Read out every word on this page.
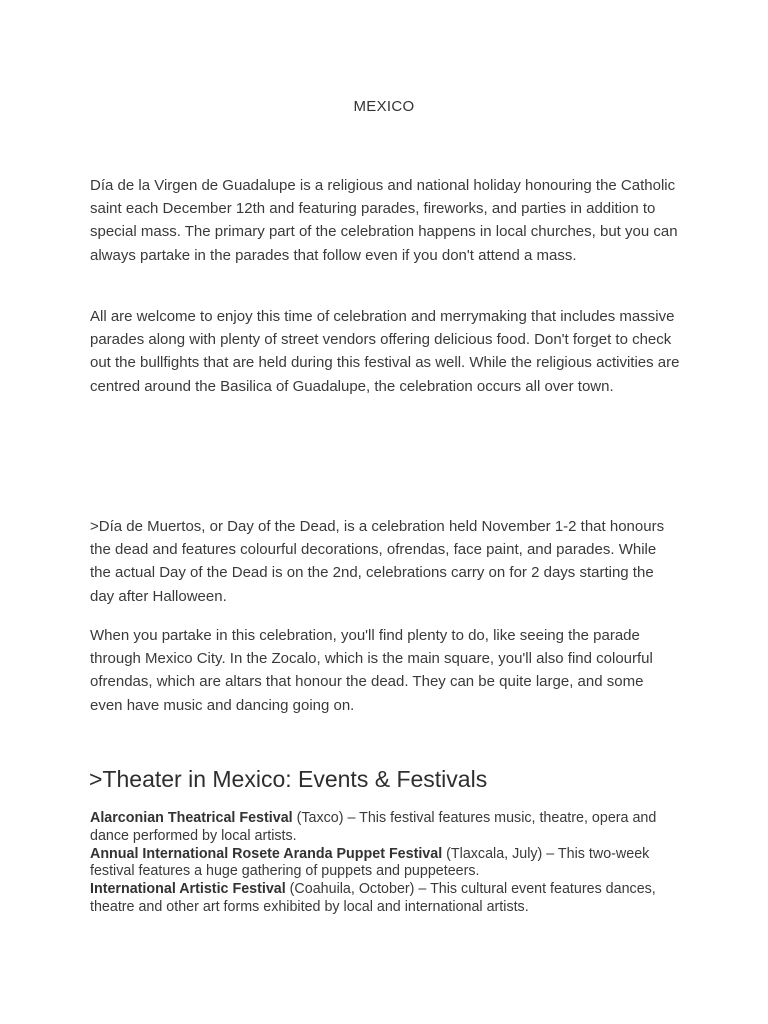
MEXICO

Día de la Virgen de Guadalupe is a religious and national holiday honouring the Catholic saint each December 12th and featuring parades, fireworks, and parties in addition to special mass. The primary part of the celebration happens in local churches, but you can always partake in the parades that follow even if you don't attend a mass.

All are welcome to enjoy this time of celebration and merrymaking that includes massive parades along with plenty of street vendors offering delicious food. Don't forget to check out the bullfights that are held during this festival as well. While the religious activities are centred around the Basilica of Guadalupe, the celebration occurs all over town.

>Día de Muertos, or Day of the Dead, is a celebration held November 1-2 that honours the dead and features colourful decorations, ofrendas, face paint, and parades. While the actual Day of the Dead is on the 2nd, celebrations carry on for 2 days starting the day after Halloween.

When you partake in this celebration, you'll find plenty to do, like seeing the parade through Mexico City. In the Zocalo, which is the main square, you'll also find colourful ofrendas, which are altars that honour the dead. They can be quite large, and some even have music and dancing going on.

>Theater in Mexico: Events & Festivals
Alarconian Theatrical Festival (Taxco) – This festival features music, theatre, opera and dance performed by local artists.
Annual International Rosete Aranda Puppet Festival (Tlaxcala, July) – This two-week festival features a huge gathering of puppets and puppeteers.
International Artistic Festival (Coahuila, October) – This cultural event features dances, theatre and other art forms exhibited by local and international artists.
